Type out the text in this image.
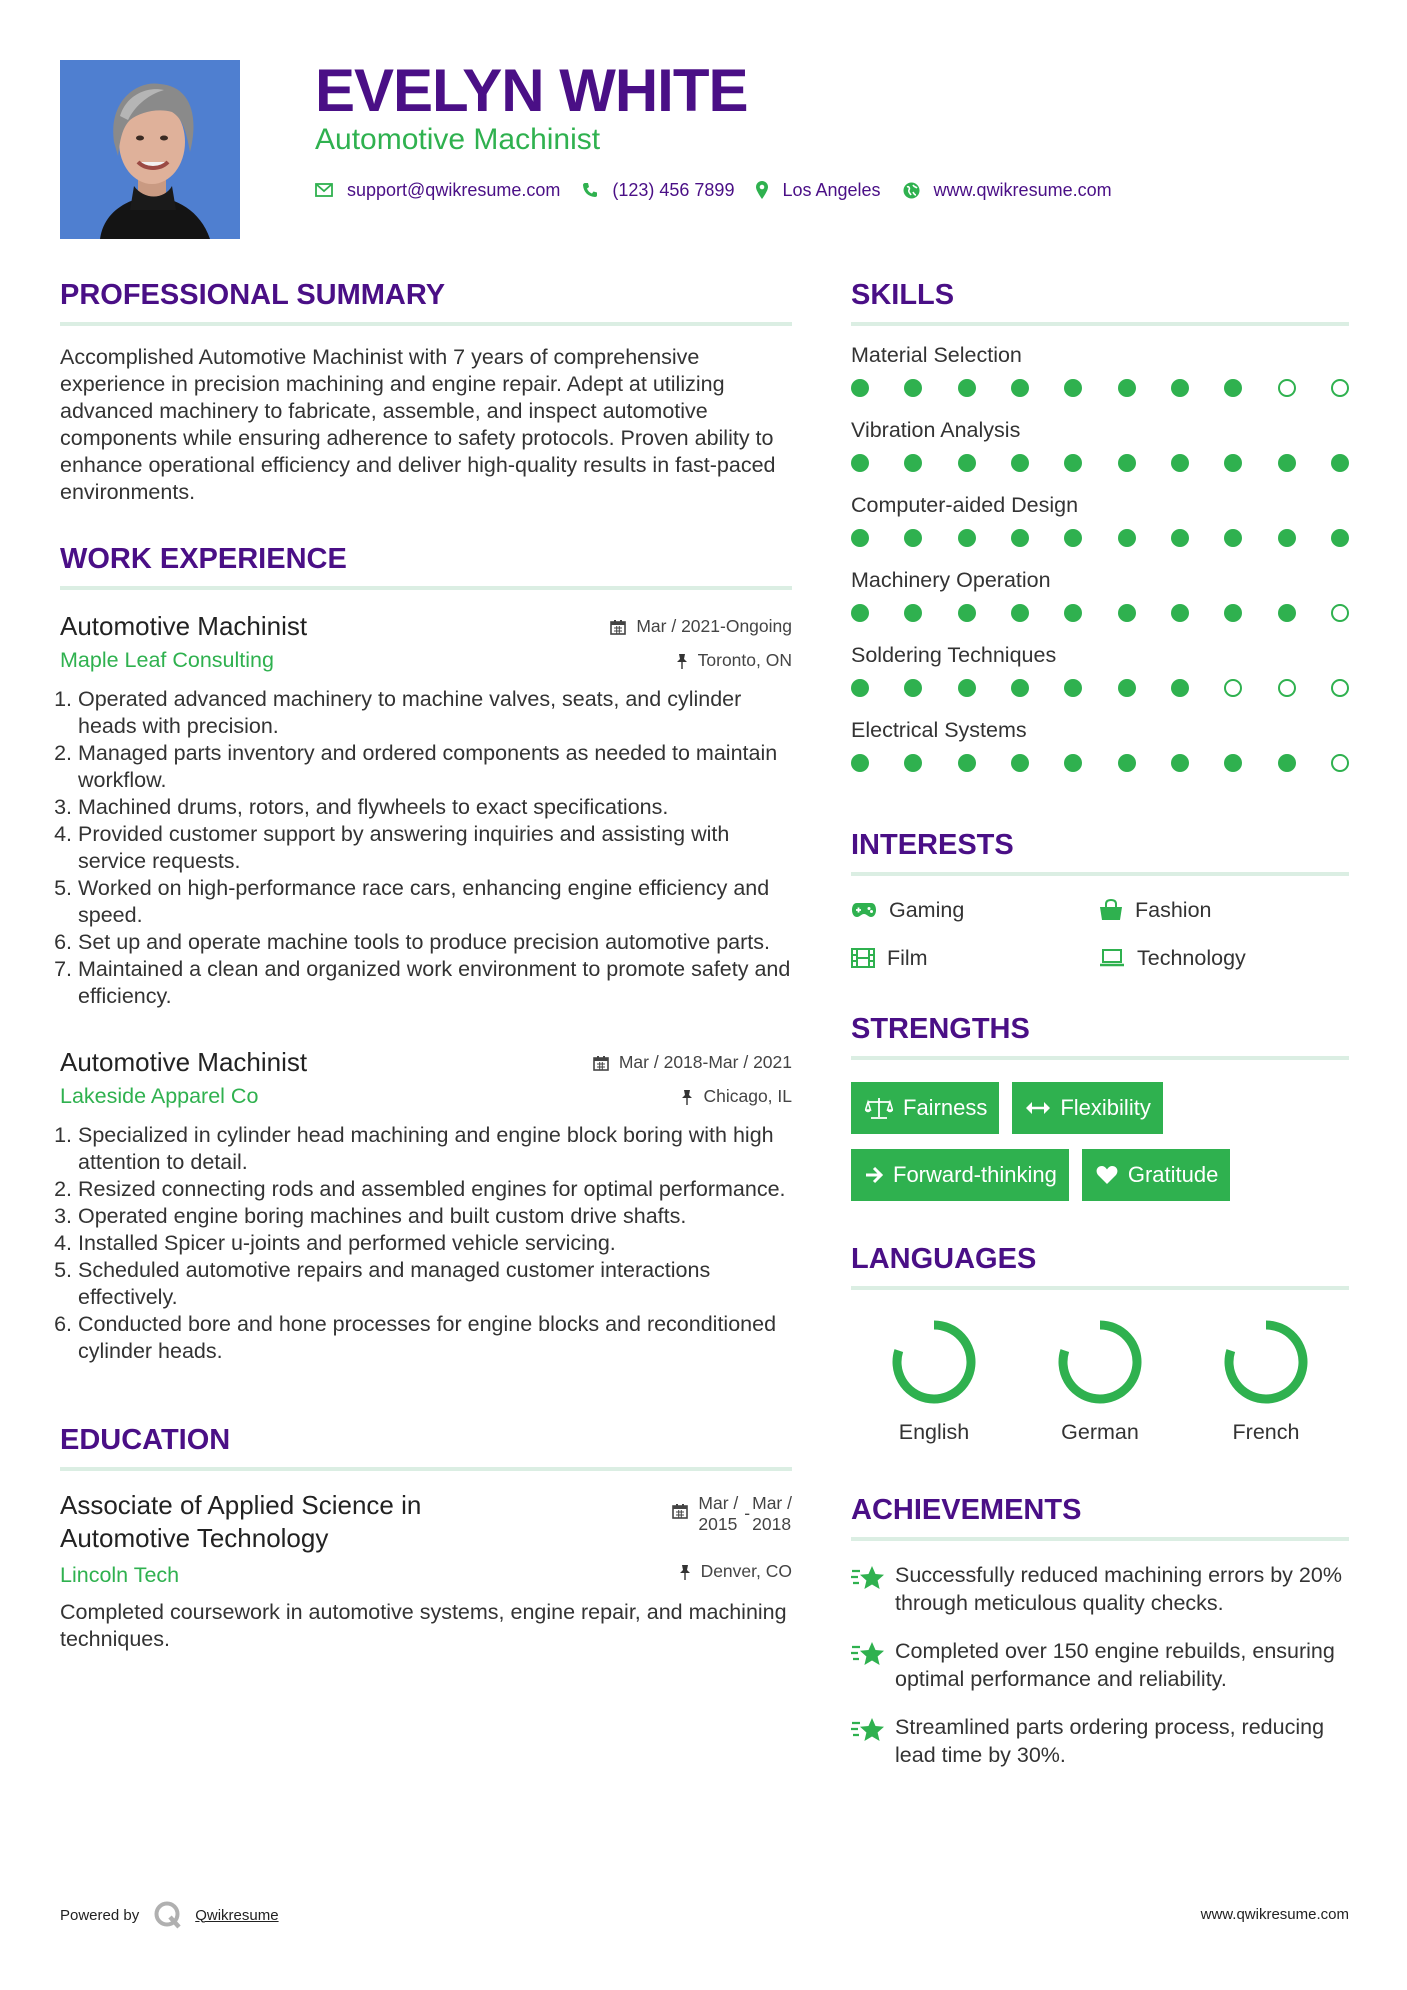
EVELYN WHITE
Automotive Machinist
support@qwikresume.com	(123) 456 7899	Los Angeles	www.qwikresume.com
PROFESSIONAL SUMMARY
Accomplished Automotive Machinist with 7 years of comprehensive experience in precision machining and engine repair. Adept at utilizing advanced machinery to fabricate, assemble, and inspect automotive components while ensuring adherence to safety protocols. Proven ability to enhance operational efficiency and deliver high-quality results in fast-paced environments.
WORK EXPERIENCE
Mar / 2021-Ongoing
Toronto, ON
Automotive Machinist
Maple Leaf Consulting
1. Operated advanced machinery to machine valves, seats, and cylinder heads with precision.
2. Managed parts inventory and ordered components as needed to maintain workflow.
3. Machined drums, rotors, and flywheels to exact specifications.
4. Provided customer support by answering inquiries and assisting with service requests.
5. Worked on high-performance race cars, enhancing engine efficiency and speed.
6. Set up and operate machine tools to produce precision automotive parts.
7. Maintained a clean and organized work environment to promote safety and efficiency.
Mar / 2018-Mar / 2021
Chicago, IL
Automotive Machinist
Lakeside Apparel Co
1. Specialized in cylinder head machining and engine block boring with high attention to detail.
2. Resized connecting rods and assembled engines for optimal performance.
3. Operated engine boring machines and built custom drive shafts.
4. Installed Spicer u-joints and performed vehicle servicing.
5. Scheduled automotive repairs and managed customer interactions effectively.
6. Conducted bore and hone processes for engine blocks and reconditioned cylinder heads.
EDUCATION
Mar /
2015
- Mar /
2018
Denver, CO
Associate of Applied Science in Automotive Technology
Lincoln Tech
Completed coursework in automotive systems, engine repair, and machining techniques.
SKILLS
Material Selection
Vibration Analysis
Computer-aided Design
Machinery Operation
Soldering Techniques
Electrical Systems
INTERESTS
Gaming	Fashion
Film	Technology
STRENGTHS
Fairness	Flexibility
Forward-thinking	Gratitude
LANGUAGES
English	German	French
ACHIEVEMENTS
Successfully reduced machining errors by 20% through meticulous quality checks.
Completed over 150 engine rebuilds, ensuring optimal performance and reliability.
Streamlined parts ordering process, reducing lead time by 30%.
Powered by	Qwikresume	www.qwikresume.com
